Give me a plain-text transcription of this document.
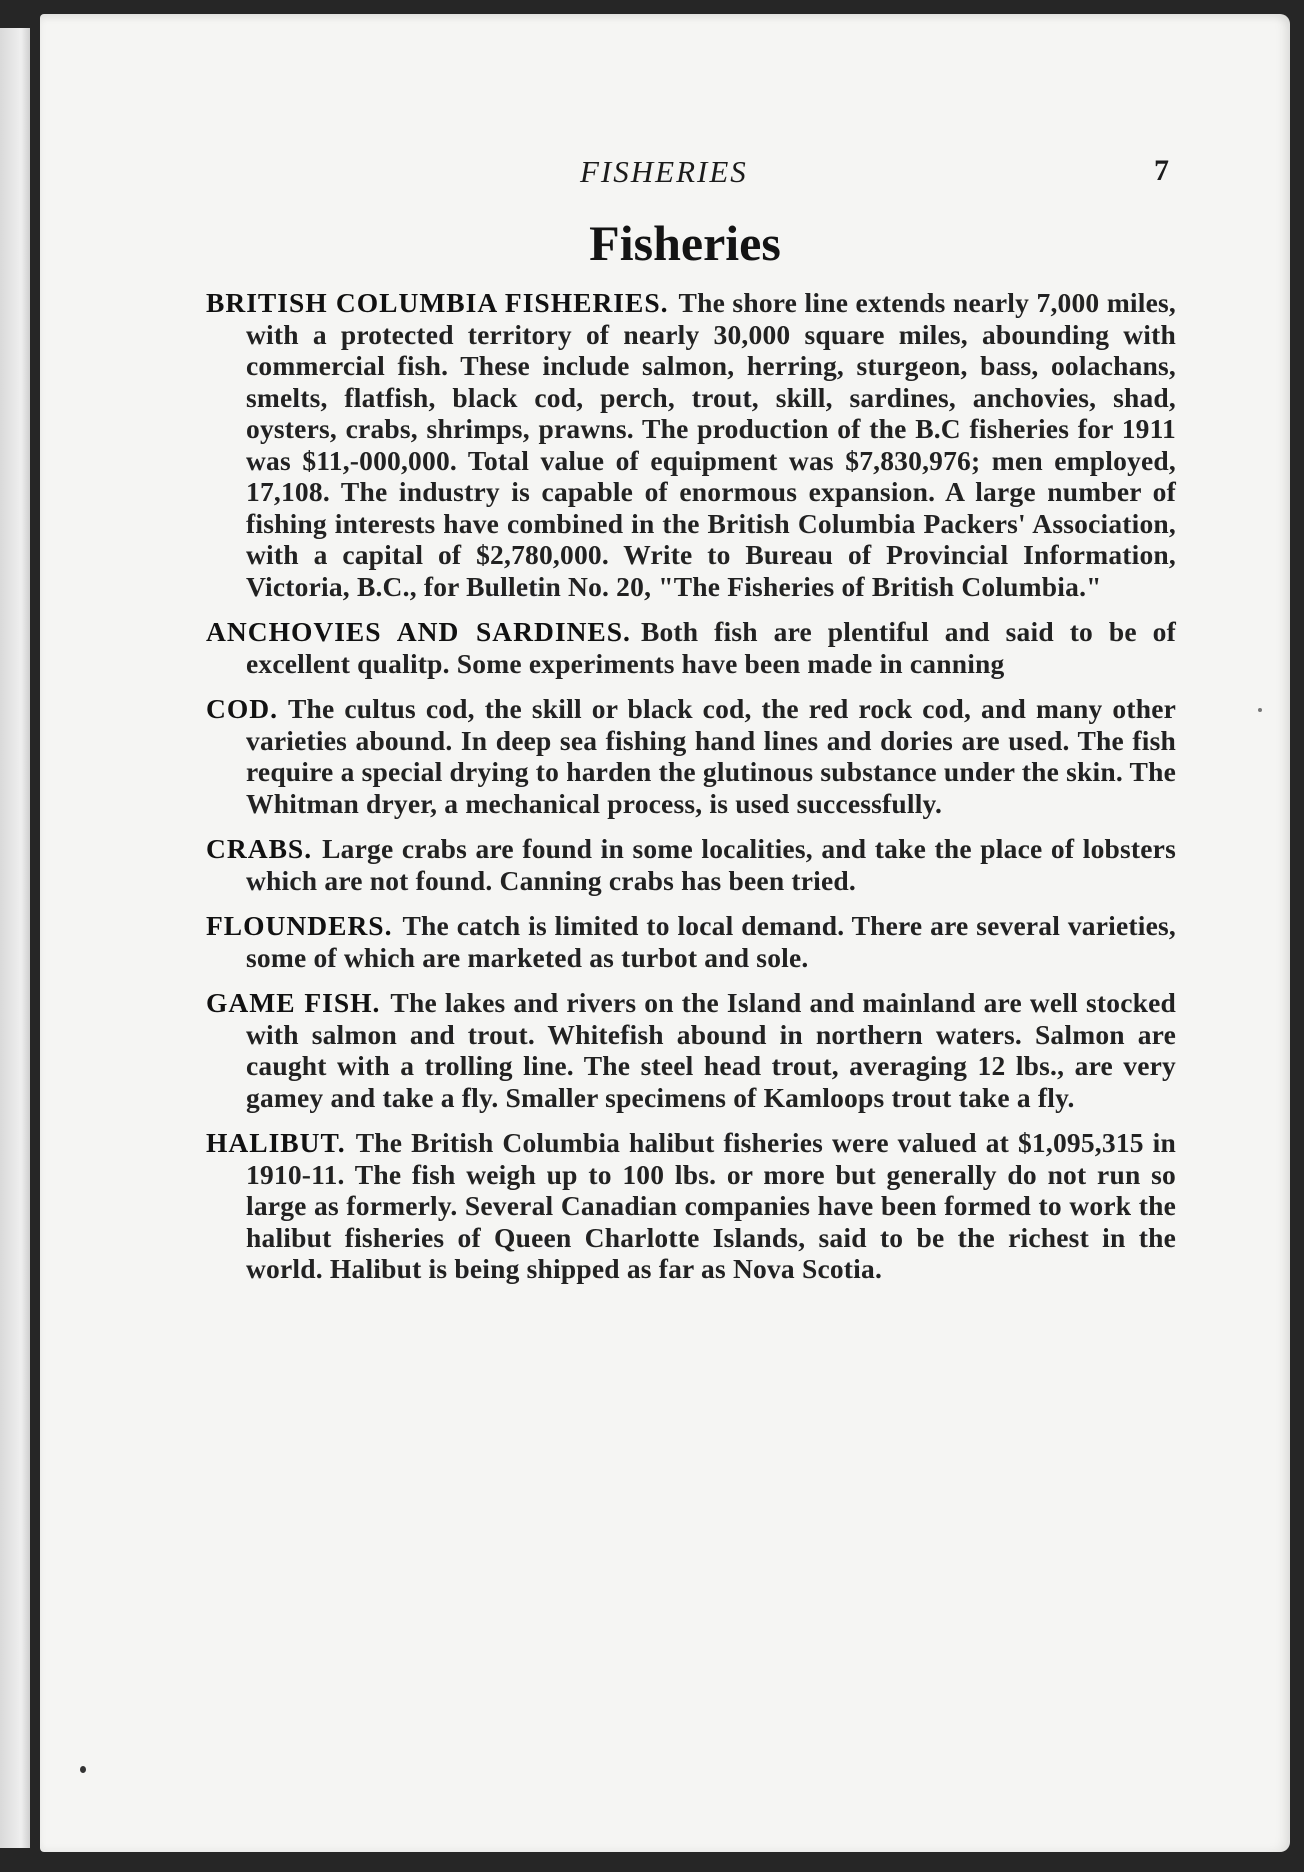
FISHERIES	7
Fisheries

BRITISH COLUMBIA FISHERIES. The shore line extends nearly 7,000 miles, with a protected territory of nearly 30,000 square miles, abounding with commercial fish. These include salmon, herring, sturgeon, bass, oolachans, smelts, flatfish, black cod, perch, trout, skill, sardines, anchovies, shad, oysters, crabs, shrimps, prawns. The production of the B.C fisheries for 1911 was $11,-000,000. Total value of equipment was $7,830,976; men employed, 17,108. The industry is capable of enormous expansion. A large number of fishing interests have combined in the British Columbia Packers' Association, with a capital of $2,780,000. Write to Bureau of Provincial Information, Victoria, B.C., for Bulletin No. 20, "The Fisheries of British Columbia."

ANCHOVIES AND SARDINES. Both fish are plentiful and said to be of excellent qualitp. Some experiments have been made in canning

COD. The cultus cod, the skill or black cod, the red rock cod, and many other varieties abound. In deep sea fishing hand lines and dories are used. The fish require a special drying to harden the glutinous substance under the skin. The Whitman dryer, a mechanical process, is used successfully.

CRABS. Large crabs are found in some localities, and take the place of lobsters which are not found. Canning crabs has been tried.

FLOUNDERS. The catch is limited to local demand. There are several varieties, some of which are marketed as turbot and sole.

GAME FISH. The lakes and rivers on the Island and mainland are well stocked with salmon and trout. Whitefish abound in northern waters. Salmon are caught with a trolling line. The steel head trout, averaging 12 lbs., are very gamey and take a fly. Smaller specimens of Kamloops trout take a fly.

HALIBUT. The British Columbia halibut fisheries were valued at $1,095,315 in 1910-11. The fish weigh up to 100 lbs. or more but generally do not run so large as formerly. Several Canadian companies have been formed to work the halibut fisheries of Queen Charlotte Islands, said to be the richest in the world. Halibut is being shipped as far as Nova Scotia.
